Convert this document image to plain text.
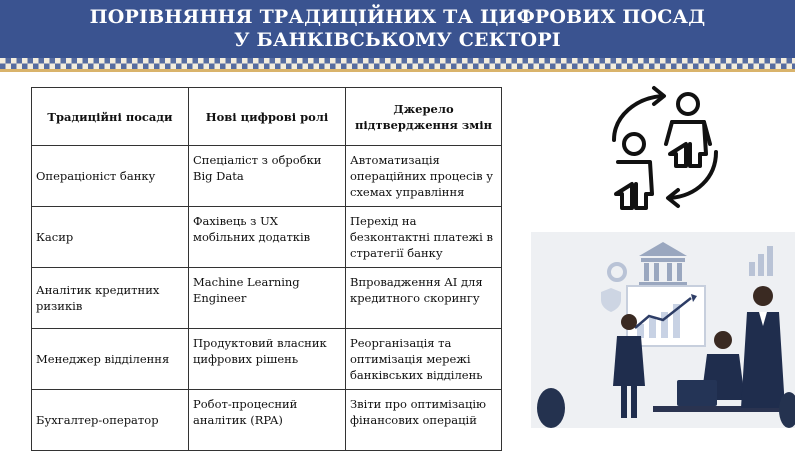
ПОРІВНЯННЯ ТРАДИЦІЙНИХ ТА ЦИФРОВИХ ПОСАД
У БАНКІВСЬКОМУ СЕКТОРІ
Традиційні посади	Нові цифрові ролі	Джерело підтвердження змін
Операціоніст банку	Спеціаліст з обробки Big Data	Автоматизація операційних процесів у схемах управління
Касир	Фахівець з UX мобільних додатків	Перехід на безконтактні платежі в стратегії банку
Аналітик кредитних ризиків	Machine Learning Engineer	Впровадження AI для кредитного скорингу
Менеджер відділення	Продуктовий власник цифрових рішень	Реорганізація та оптимізація мережі банківських відділень
Бухгалтер-оператор	Робот-процесний аналітик (RPA)	Звіти про оптимізацію фінансових операцій
